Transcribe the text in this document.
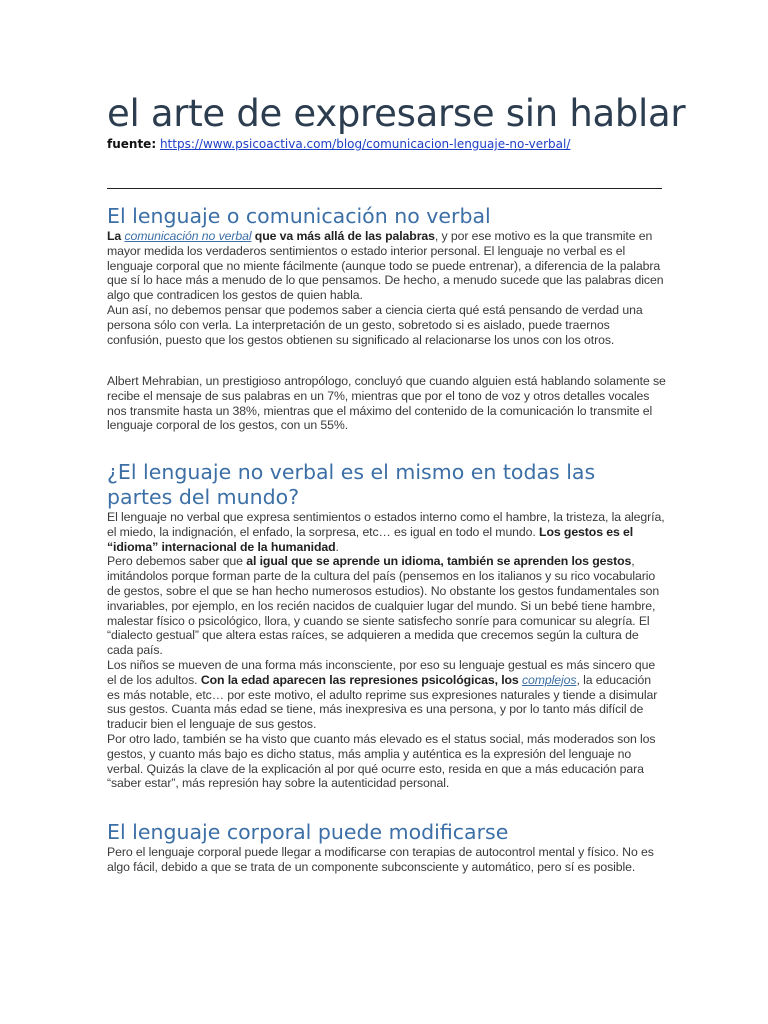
el arte de expresarse sin hablar
fuente: https://www.psicoactiva.com/blog/comunicacion-lenguaje-no-verbal/
El lenguaje o comunicación no verbal

La comunicación no verbal que va más allá de las palabras, y por ese motivo es la que transmite en mayor medida los verdaderos sentimientos o estado interior personal. El lenguaje no verbal es el lenguaje corporal que no miente fácilmente (aunque todo se puede entrenar), a diferencia de la palabra que sí lo hace más a menudo de lo que pensamos. De hecho, a menudo sucede que las palabras dicen algo que contradicen los gestos de quien habla.

Aun así, no debemos pensar que podemos saber a ciencia cierta qué está pensando de verdad una persona sólo con verla. La interpretación de un gesto, sobretodo si es aislado, puede traernos confusión, puesto que los gestos obtienen su significado al relacionarse los unos con los otros.

Albert Mehrabian, un prestigioso antropólogo, concluyó que cuando alguien está hablando solamente se recibe el mensaje de sus palabras en un 7%, mientras que por el tono de voz y otros detalles vocales nos transmite hasta un 38%, mientras que el máximo del contenido de la comunicación lo transmite el lenguaje corporal de los gestos, con un 55%.

¿El lenguaje no verbal es el mismo en todas las partes del mundo?

El lenguaje no verbal que expresa sentimientos o estados interno como el hambre, la tristeza, la alegría, el miedo, la indignación, el enfado, la sorpresa, etc… es igual en todo el mundo. Los gestos es el “idioma” internacional de la humanidad.

Pero debemos saber que al igual que se aprende un idioma, también se aprenden los gestos, imitándolos porque forman parte de la cultura del país (pensemos en los italianos y su rico vocabulario de gestos, sobre el que se han hecho numerosos estudios). No obstante los gestos fundamentales son invariables, por ejemplo, en los recién nacidos de cualquier lugar del mundo. Si un bebé tiene hambre, malestar físico o psicológico, llora, y cuando se siente satisfecho sonríe para comunicar su alegría. El “dialecto gestual” que altera estas raíces, se adquieren a medida que crecemos según la cultura de cada país.

Los niños se mueven de una forma más inconsciente, por eso su lenguaje gestual es más sincero que el de los adultos. Con la edad aparecen las represiones psicológicas, los complejos, la educación es más notable, etc… por este motivo, el adulto reprime sus expresiones naturales y tiende a disimular sus gestos. Cuanta más edad se tiene, más inexpresiva es una persona, y por lo tanto más difícil de traducir bien el lenguaje de sus gestos.

Por otro lado, también se ha visto que cuanto más elevado es el status social, más moderados son los gestos, y cuanto más bajo es dicho status, más amplia y auténtica es la expresión del lenguaje no verbal. Quizás la clave de la explicación al por qué ocurre esto, resida en que a más educación para “saber estar”, más represión hay sobre la autenticidad personal.

El lenguaje corporal puede modificarse

Pero el lenguaje corporal puede llegar a modificarse con terapias de autocontrol mental y físico. No es algo fácil, debido a que se trata de un componente subconsciente y automático, pero sí es posible.
